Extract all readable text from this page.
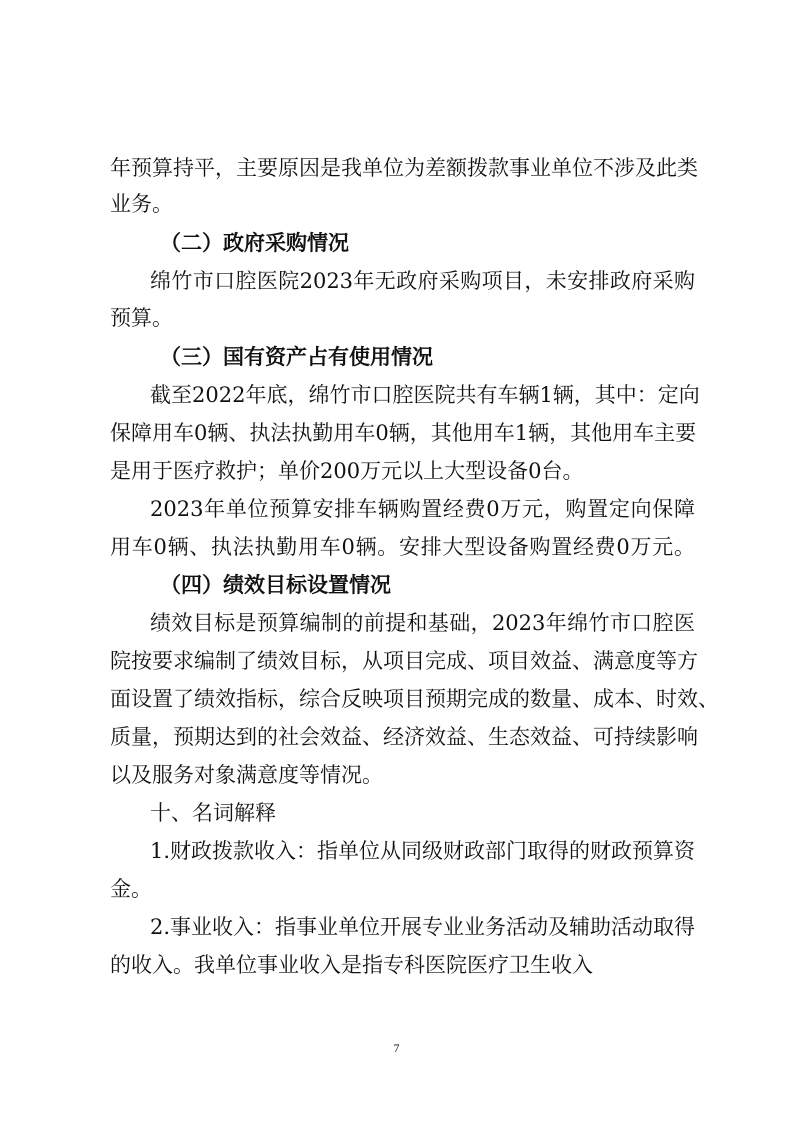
年预算持平，主要原因是我单位为差额拨款事业单位不涉及此类
业务。
（二）政府采购情况
绵竹市口腔医院2023年无政府采购项目，未安排政府采购
预算。
（三）国有资产占有使用情况
截至2022年底，绵竹市口腔医院共有车辆1辆，其中：定向
保障用车0辆、执法执勤用车0辆，其他用车1辆，其他用车主要
是用于医疗救护；单价200万元以上大型设备0台。
2023年单位预算安排车辆购置经费0万元，购置定向保障
用车0辆、执法执勤用车0辆。安排大型设备购置经费0万元。
（四）绩效目标设置情况
绩效目标是预算编制的前提和基础，2023年绵竹市口腔医
院按要求编制了绩效目标，从项目完成、项目效益、满意度等方
面设置了绩效指标，综合反映项目预期完成的数量、成本、时效、
质量，预期达到的社会效益、经济效益、生态效益、可持续影响
以及服务对象满意度等情况。
十、名词解释
1.财政拨款收入：指单位从同级财政部门取得的财政预算资
金。
2.事业收入：指事业单位开展专业业务活动及辅助活动取得
的收入。我单位事业收入是指专科医院医疗卫生收入
7
